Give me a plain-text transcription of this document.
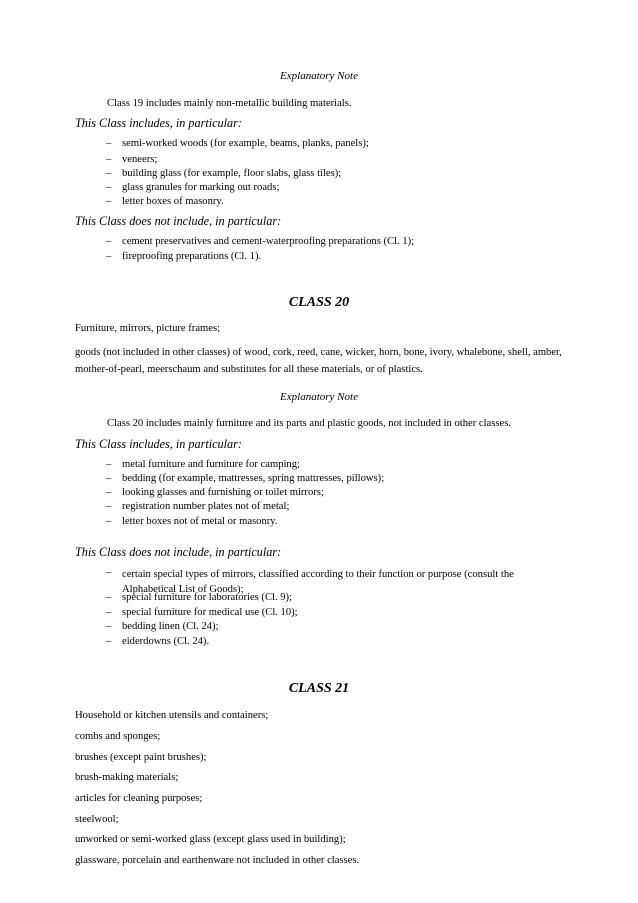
Explanatory Note
Class 19 includes mainly non-metallic building materials.
This Class includes, in particular:
– semi-worked woods (for example, beams, planks, panels);
– veneers;
– building glass (for example, floor slabs, glass tiles);
– glass granules for marking out roads;
– letter boxes of masonry.
This Class does not include, in particular:
– cement preservatives and cement-waterproofing preparations (Cl. 1);
– fireproofing preparations (Cl. 1).
CLASS 20
Furniture, mirrors, picture frames;
goods (not included in other classes) of wood, cork, reed, cane, wicker, horn, bone, ivory, whalebone, shell, amber, mother-of-pearl, meerschaum and substitutes for all these materials, or of plastics.
Explanatory Note
Class 20 includes mainly furniture and its parts and plastic goods, not included in other classes.
This Class includes, in particular:
– metal furniture and furniture for camping;
– bedding (for example, mattresses, spring mattresses, pillows);
– looking glasses and furnishing or toilet mirrors;
– registration number plates not of metal;
– letter boxes not of metal or masonry.
This Class does not include, in particular:
– certain special types of mirrors, classified according to their function or purpose (consult the Alphabetical List of Goods);
– special furniture for laboratories (Cl. 9);
– special furniture for medical use (Cl. 10);
– bedding linen (Cl. 24);
– eiderdowns (Cl. 24).
CLASS 21
Household or kitchen utensils and containers;
combs and sponges;
brushes (except paint brushes);
brush-making materials;
articles for cleaning purposes;
steelwool;
unworked or semi-worked glass (except glass used in building);
glassware, porcelain and earthenware not included in other classes.
